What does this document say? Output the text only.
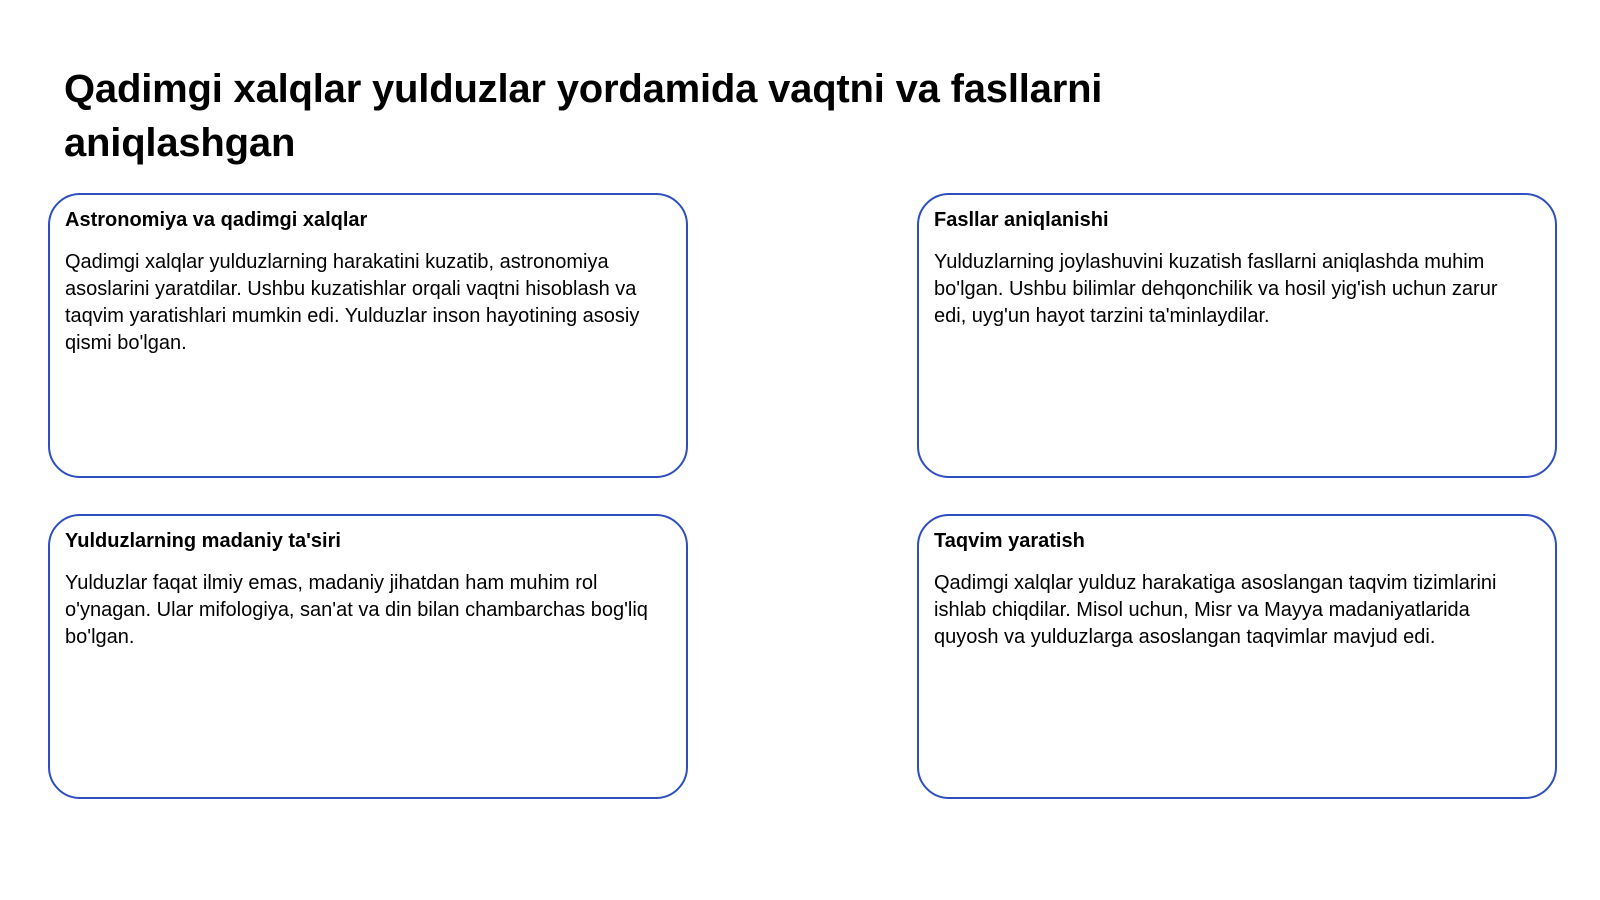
Qadimgi xalqlar yulduzlar yordamida vaqtni va fasllarni aniqlashgan
Astronomiya va qadimgi xalqlar

Qadimgi xalqlar yulduzlarning harakatini kuzatib, astronomiya asoslarini yaratdilar. Ushbu kuzatishlar orqali vaqtni hisoblash va taqvim yaratishlari mumkin edi. Yulduzlar inson hayotining asosiy qismi bo'lgan.

Fasllar aniqlanishi

Yulduzlarning joylashuvini kuzatish fasllarni aniqlashda muhim bo'lgan. Ushbu bilimlar dehqonchilik va hosil yig'ish uchun zarur edi, uyg'un hayot tarzini ta'minlaydilar.

Yulduzlarning madaniy ta'siri

Yulduzlar faqat ilmiy emas, madaniy jihatdan ham muhim rol o'ynagan. Ular mifologiya, san'at va din bilan chambarchas bog'liq bo'lgan.

Taqvim yaratish

Qadimgi xalqlar yulduz harakatiga asoslangan taqvim tizimlarini ishlab chiqdilar. Misol uchun, Misr va Mayya madaniyatlarida quyosh va yulduzlarga asoslangan taqvimlar mavjud edi.
